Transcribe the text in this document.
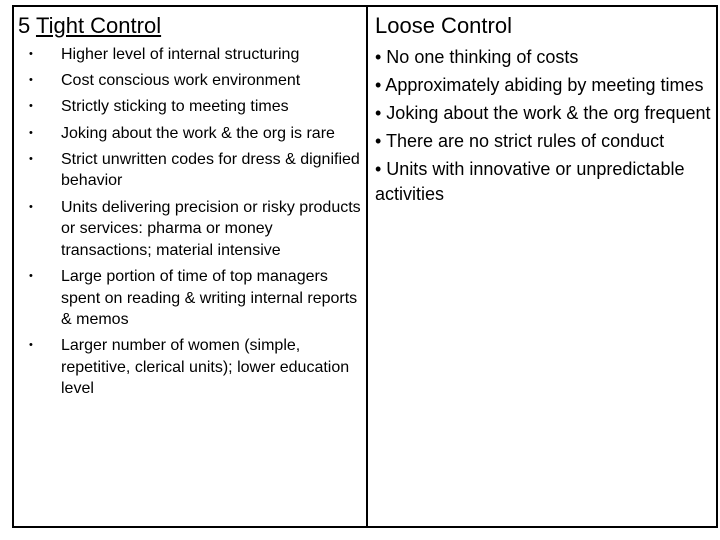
5 Tight Control
• Higher level of internal structuring
• Cost conscious work environment
• Strictly sticking to meeting times
• Joking about the work & the org is rare
• Strict unwritten codes for dress & dignified behavior
• Units delivering precision or risky products or services: pharma or money transactions; material intensive
• Large portion of time of top managers spent on reading & writing internal reports & memos
• Larger number of women (simple, repetitive, clerical units); lower education level
Loose Control
• No one thinking of costs
• Approximately abiding by meeting times
• Joking about the work & the org frequent
• There are no strict rules of conduct
• Units with innovative or unpredictable activities
